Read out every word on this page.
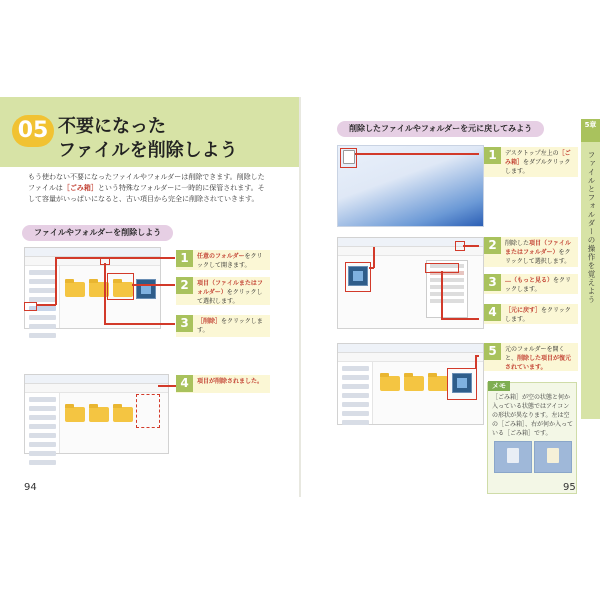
05 不要になった

ファイルを削除しよう
もう使わない不要になったファイルやフォルダーは削除できます。削除したファイルは［ごみ箱］という特殊なフォルダーに一時的に保管されます。そして容量がいっぱいになると、古い項目から完全に削除されていきます。
ファイルやフォルダーを削除しよう
1	任意のフォルダーをクリックして開きます。
2	項目（ファイルまたはフォルダー）をクリックして選択します。
3	［削除］をクリックします。
4	項目が削除されました。
94
削除したファイルやフォルダーを元に戻してみよう	5章
ファイルとフォルダーの操作を覚えよう
1	デスクトップ左上の［ごみ箱］をダブルクリックします。
2	削除した項目（ファイルまたはフォルダー）をクリックして選択します。
3	…（もっと見る）をクリックします。
4	［元に戻す］をクリックします。
5	元のフォルダーを開くと、削除した項目が復元されています。
メモ
［ごみ箱］が空の状態と何か入っている状態ではアイコンの形状が異なります。左は空の［ごみ箱］、右が何か入っている［ごみ箱］です。
95
